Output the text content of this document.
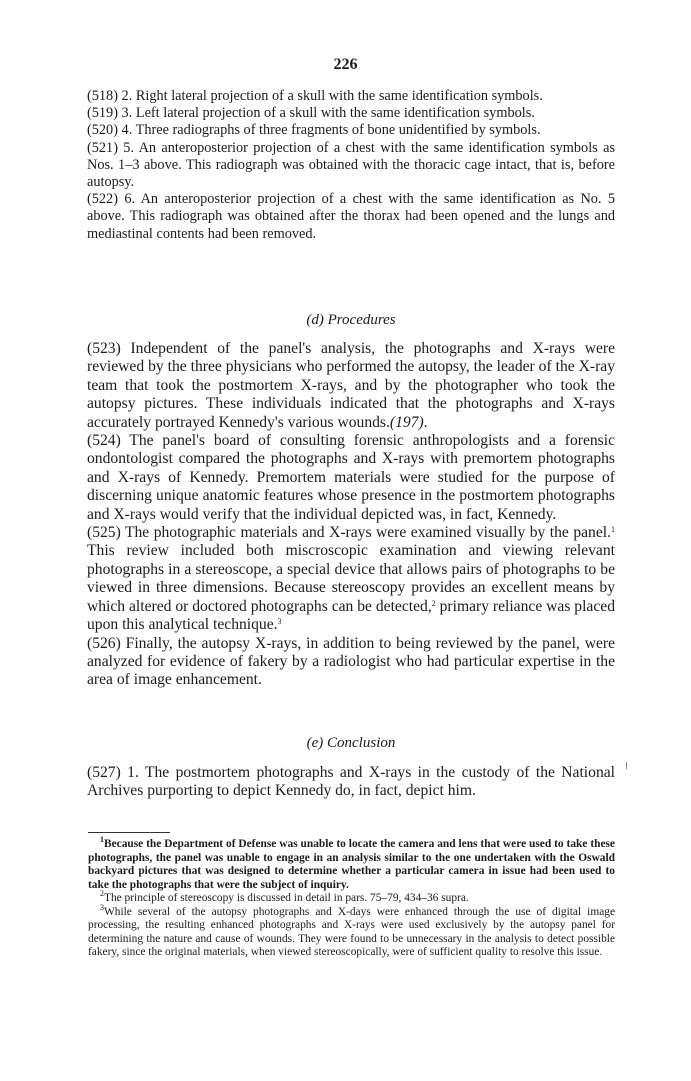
226

(518) 2. Right lateral projection of a skull with the same identification symbols.

(519) 3. Left lateral projection of a skull with the same identification symbols.

(520) 4. Three radiographs of three fragments of bone unidentified by symbols.

(521) 5. An anteroposterior projection of a chest with the same identification symbols as Nos. 1–3 above. This radiograph was obtained with the thoracic cage intact, that is, before autopsy.

(522) 6. An anteroposterior projection of a chest with the same identification as No. 5 above. This radiograph was obtained after the thorax had been opened and the lungs and mediastinal contents had been removed.

(d) Procedures

(523) Independent of the panel's analysis, the photographs and X-rays were reviewed by the three physicians who performed the autopsy, the leader of the X-ray team that took the postmortem X-rays, and by the photographer who took the autopsy pictures. These individuals indicated that the photographs and X-rays accurately portrayed Kennedy's various wounds.(197).

(524) The panel's board of consulting forensic anthropologists and a forensic ondontologist compared the photographs and X-rays with premortem photographs and X-rays of Kennedy. Premortem materials were studied for the purpose of discerning unique anatomic features whose presence in the postmortem photographs and X-rays would verify that the individual depicted was, in fact, Kennedy.

(525) The photographic materials and X-rays were examined visually by the panel.$^1$ This review included both miscroscopic examination and viewing relevant photographs in a stereoscope, a special device that allows pairs of photographs to be viewed in three dimensions. Because stereoscopy provides an excellent means by which altered or doctored photographs can be detected,$^2$ primary reliance was placed upon this analytical technique.$^3$

(526) Finally, the autopsy X-rays, in addition to being reviewed by the panel, were analyzed for evidence of fakery by a radiologist who had particular expertise in the area of image enhancement.

(e) Conclusion

(527) 1. The postmortem photographs and X-rays in the custody of the National Archives purporting to depict Kennedy do, in fact, depict him.

$^1$Because the Department of Defense was unable to locate the camera and lens that were used to take these photographs, the panel was unable to engage in an analysis similar to the one undertaken with the Oswald backyard pictures that was designed to determine whether a particular camera in issue had been used to take the photographs that were the subject of inquiry.

$^2$The principle of stereoscopy is discussed in detail in pars. 75–79, 434–36 supra.

$^3$While several of the autopsy photographs and X-days were enhanced through the use of digital image processing, the resulting enhanced photographs and X-rays were used exclusively by the autopsy panel for determining the nature and cause of wounds. They were found to be unnecessary in the analysis to detect possible fakery, since the original materials, when viewed stereoscopically, were of sufficient quality to resolve this issue.
